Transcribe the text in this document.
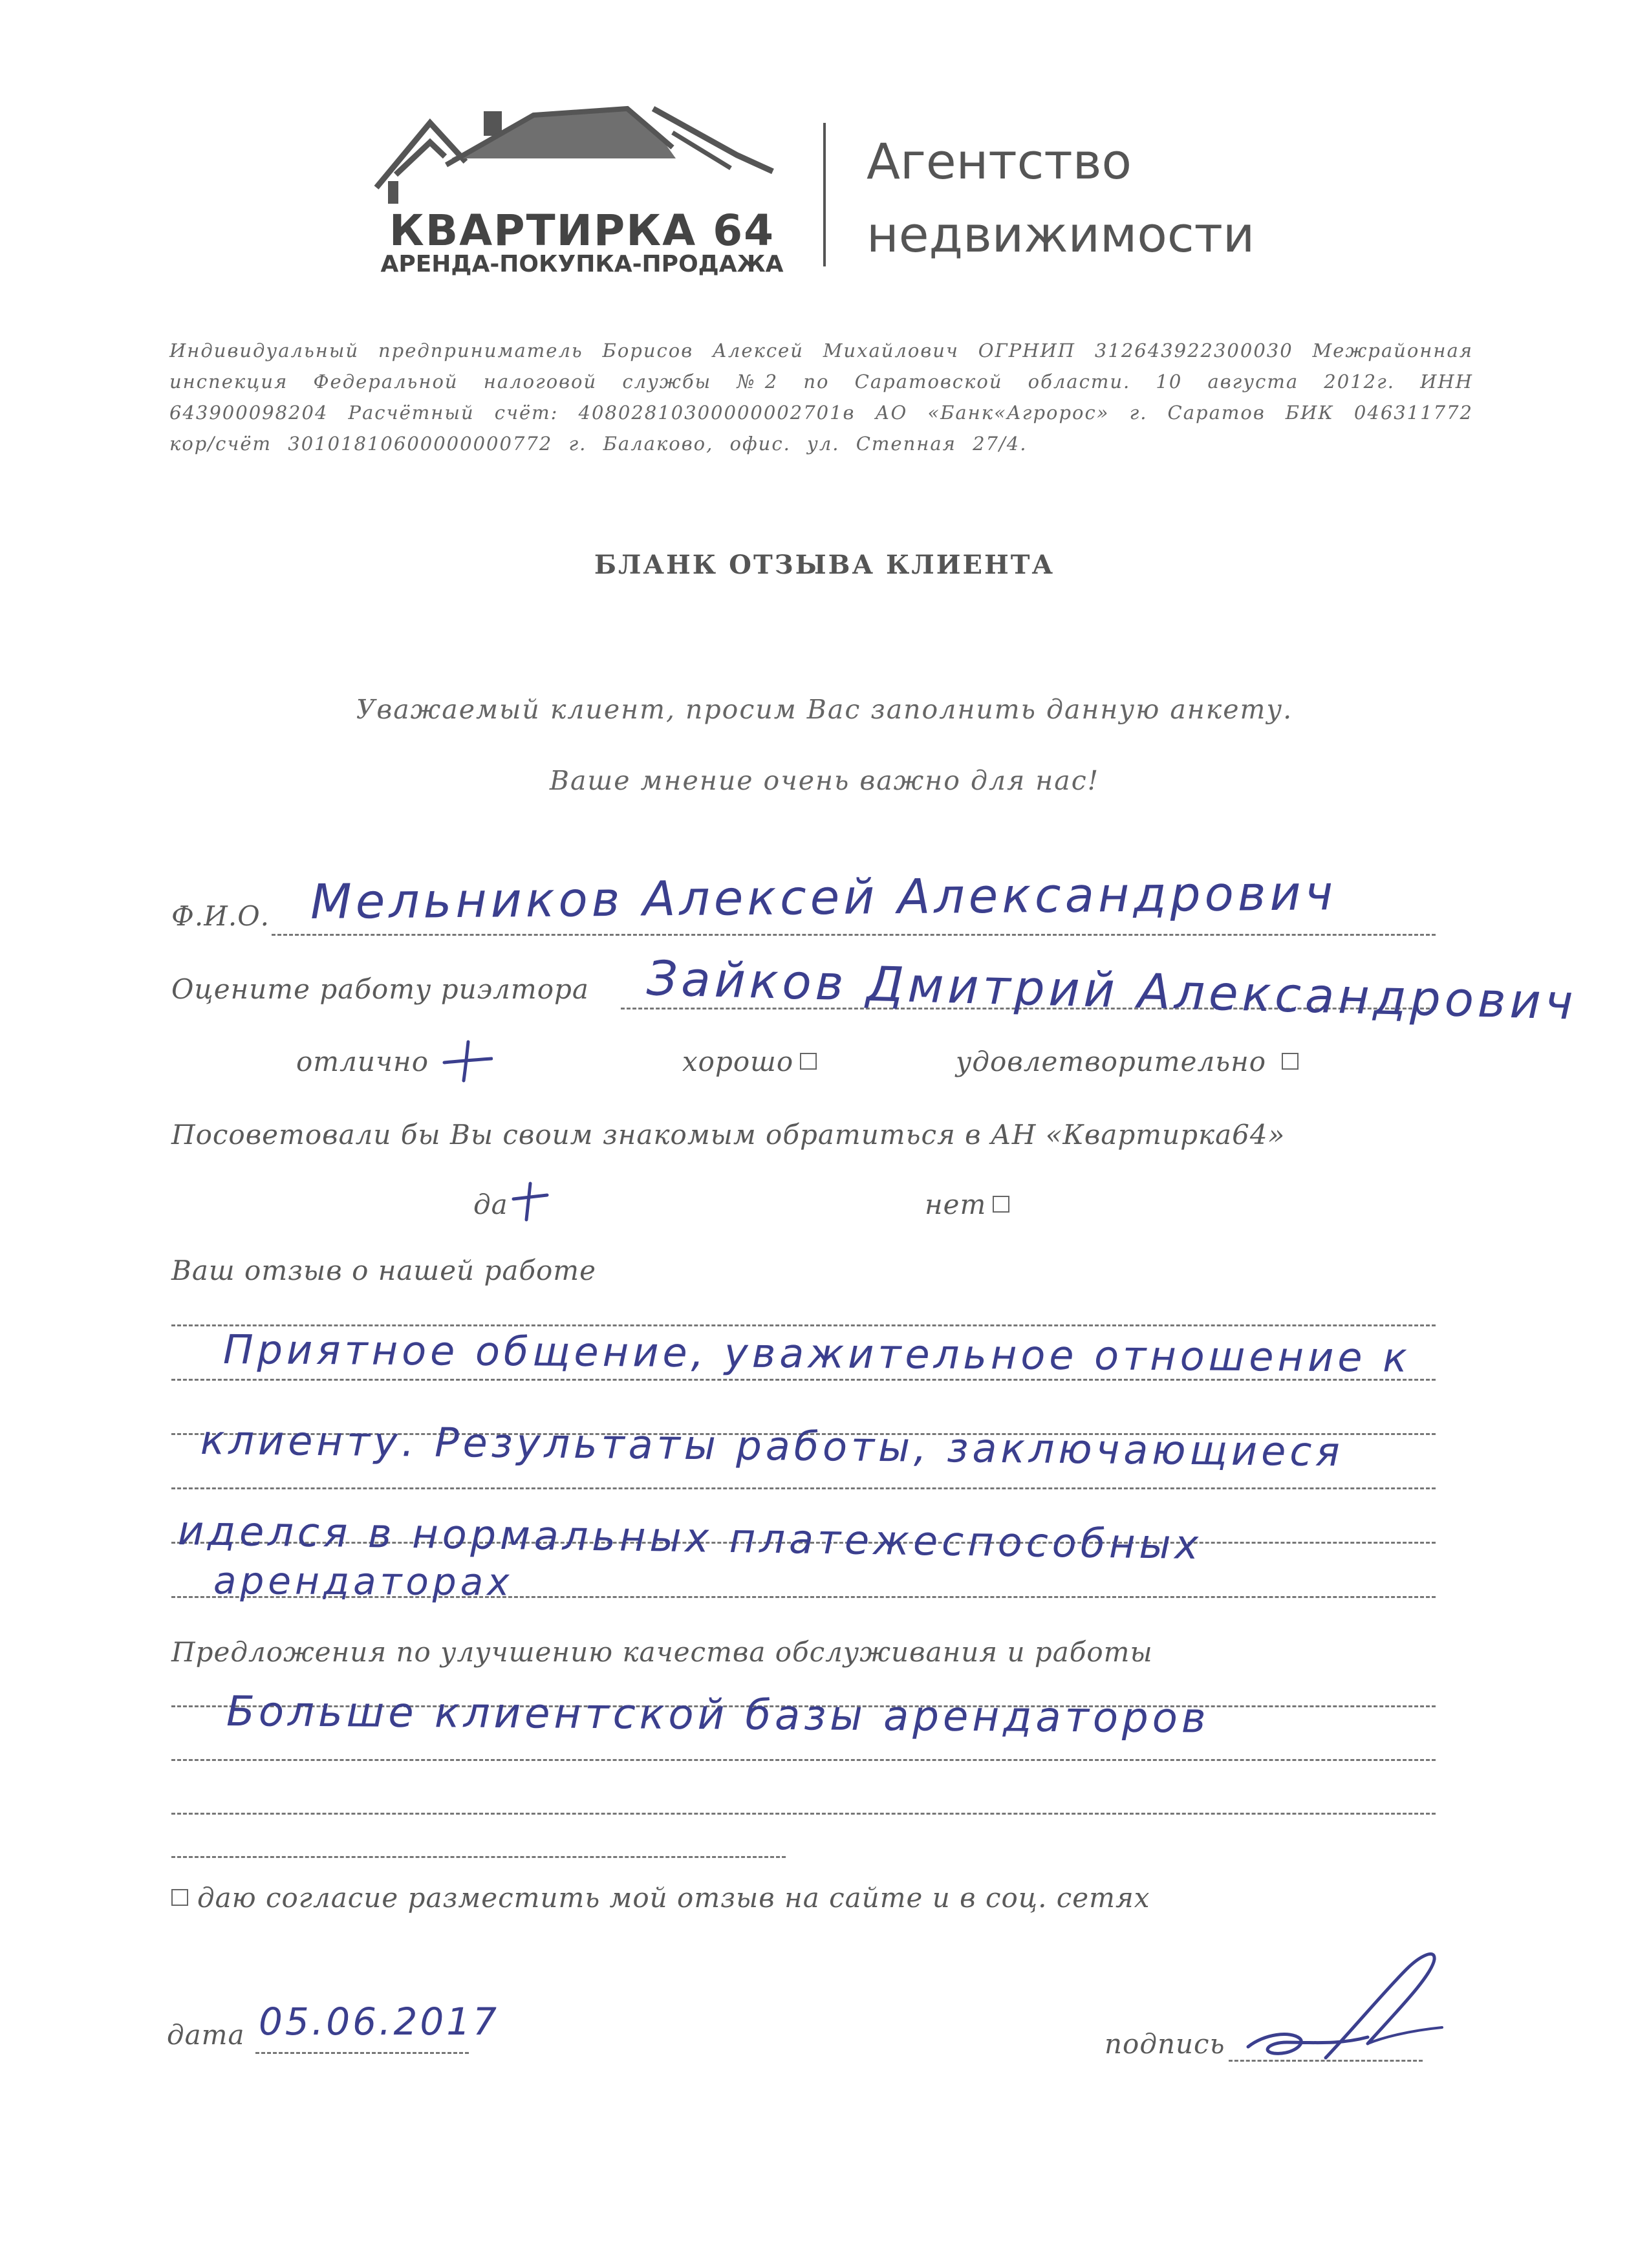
КВАРТИРКА 64
АРЕНДА-ПОКУПКА-ПРОДАЖА
Агентство
недвижимости
Индивидуальный предприниматель Борисов Алексей Михайлович ОГРНИП 312643922300030 Межрайонная инспекция Федеральной налоговой службы №2 по Саратовской области. 10 августа 2012г. ИНН 643900098204 Расчётный счёт: 40802810300000002701в АО «Банк«Агророс» г. Саратов БИК 046311772 кор/счёт 30101810600000000772 г. Балаково, офис. ул. Степная 27/4.
БЛАНК ОТЗЫВА КЛИЕНТА
Уважаемый клиент, просим Вас заполнить данную анкету.
Ваше мнение очень важно для нас!
Ф.И.О. Мельников Алексей Александрович
Оцените работу риэлтора Зайков Дмитрий Александрович
отлично	хорошо	удовлетворительно
Посоветовали бы Вы своим знакомым обратиться в АН «Квартирка64»
да	нет
Ваш отзыв о нашей работе
Приятное общение, уважительное отношение к
клиенту. Результаты работы, заключающиеся
иделся в нормальных платежеспособных
арендаторах
Предложения по улучшению качества обслуживания и работы
Больше клиентской базы арендаторов
даю согласие разместить мой отзыв на сайте и в соц. сетях
дата 05.06.2017
подпись
